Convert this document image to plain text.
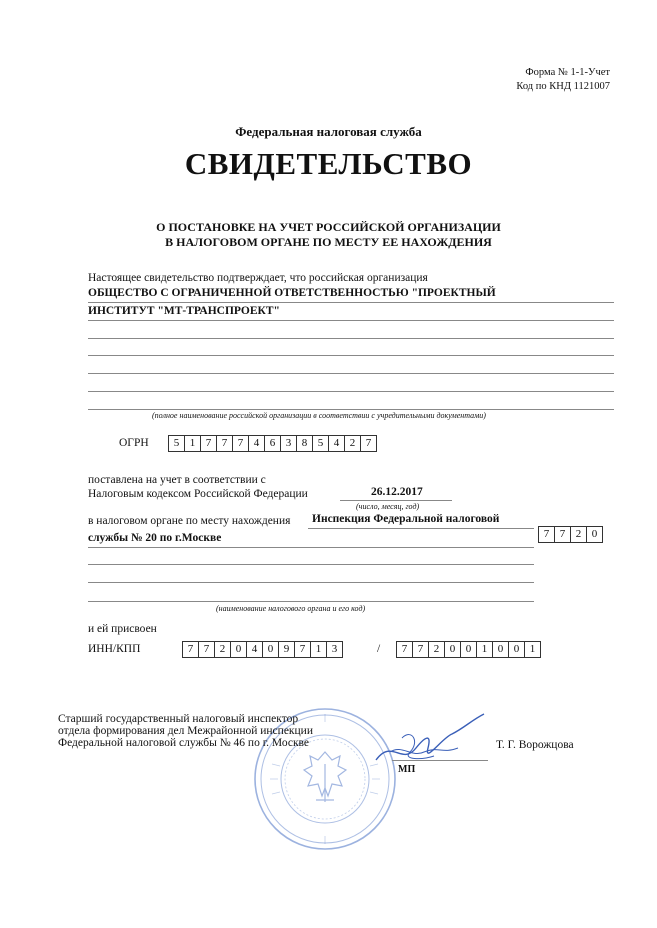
Форма № 1-1-Учет
Код по КНД 1121007
Федеральная налоговая служба
СВИДЕТЕЛЬСТВО
О ПОСТАНОВКЕ НА УЧЕТ РОССИЙСКОЙ ОРГАНИЗАЦИИ
В НАЛОГОВОМ ОРГАНЕ ПО МЕСТУ ЕЕ НАХОЖДЕНИЯ
Настоящее свидетельство подтверждает, что российская организация
ОБЩЕСТВО С ОГРАНИЧЕННОЙ ОТВЕТСТВЕННОСТЬЮ "ПРОЕКТНЫЙ
ИНСТИТУТ "МТ-ТРАНСПРОЕКТ"
(полное наименование российской организации в соответствии с учредительными документами)
ОГРН	5 1 7 7 7 4 6 3 8 5 4 2 7
поставлена на учет в соответствии с
Налоговым кодексом Российской Федерации	26.12.2017
(число, месяц, год)
в налоговом органе по месту нахождения Инспекция Федеральной налоговой
службы № 20 по г.Москве	7 7 2 0
(наименование налогового органа и его код)
и ей присвоен
ИНН/КПП	7 7 2 0 4 0 9 7 1 3	/	7 7 2 0 0 1 0 0 1
Старший государственный налоговый инспектор
отдела формирования дел Межрайонной инспекции
Федеральной налоговой службы № 46 по г. Москве
МП
Т. Г. Ворожцова
